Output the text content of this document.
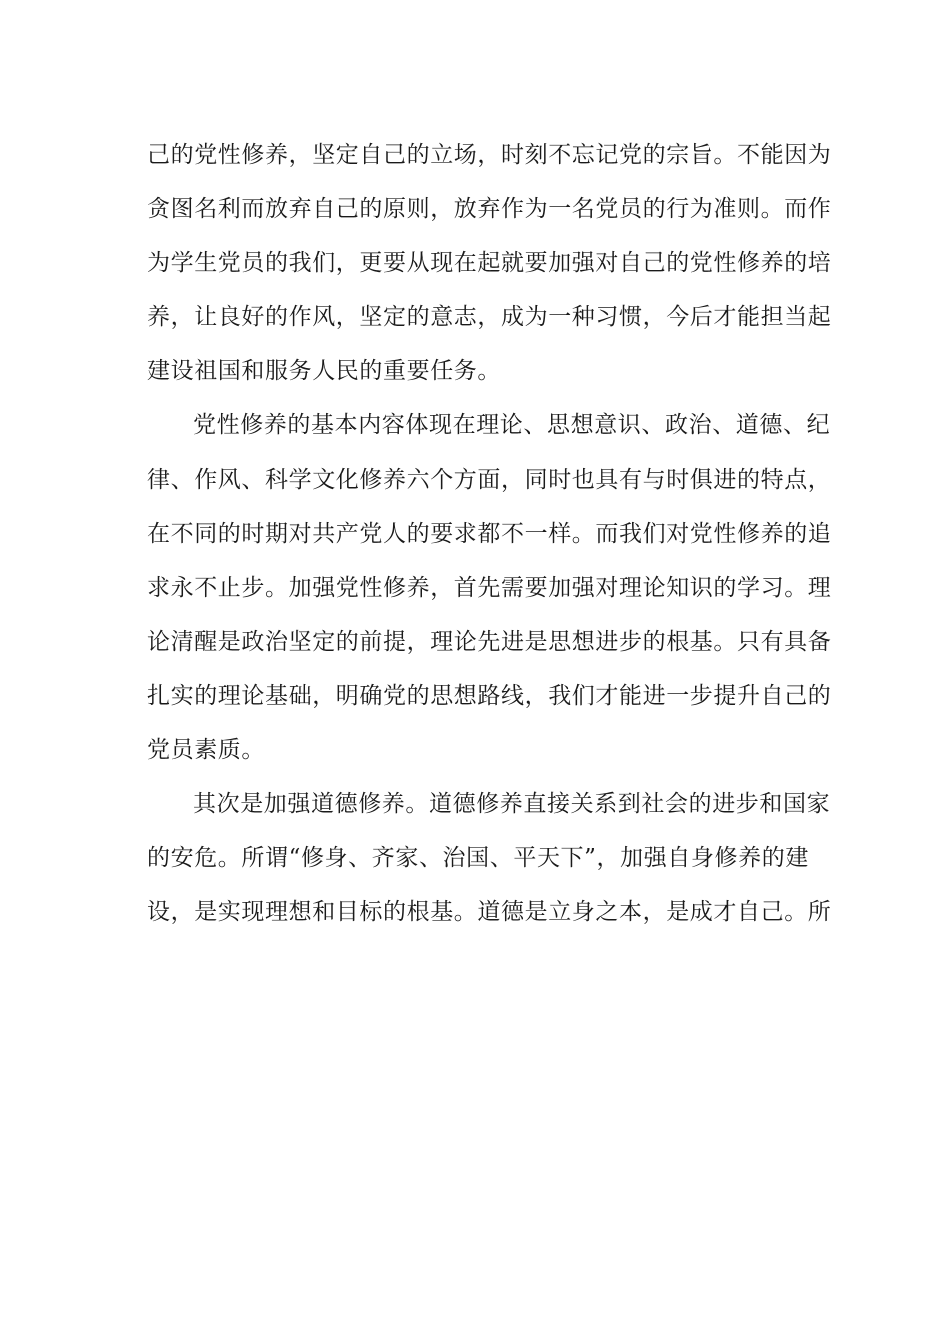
己的党性修养，坚定自己的立场，时刻不忘记党的宗旨。不能因为
贪图名利而放弃自己的原则，放弃作为一名党员的行为准则。而作
为学生党员的我们，更要从现在起就要加强对自己的党性修养的培
养，让良好的作风，坚定的意志，成为一种习惯，今后才能担当起
建设祖国和服务人民的重要任务。
党性修养的基本内容体现在理论、思想意识、政治、道德、纪
律、作风、科学文化修养六个方面，同时也具有与时俱进的特点，
在不同的时期对共产党人的要求都不一样。而我们对党性修养的追
求永不止步。加强党性修养，首先需要加强对理论知识的学习。理
论清醒是政治坚定的前提，理论先进是思想进步的根基。只有具备
扎实的理论基础，明确党的思想路线，我们才能进一步提升自己的
党员素质。
其次是加强道德修养。道德修养直接关系到社会的进步和国家
的安危。所谓“修身、齐家、治国、平天下”，加强自身修养的建
设，是实现理想和目标的根基。道德是立身之本，是成才自己。所
